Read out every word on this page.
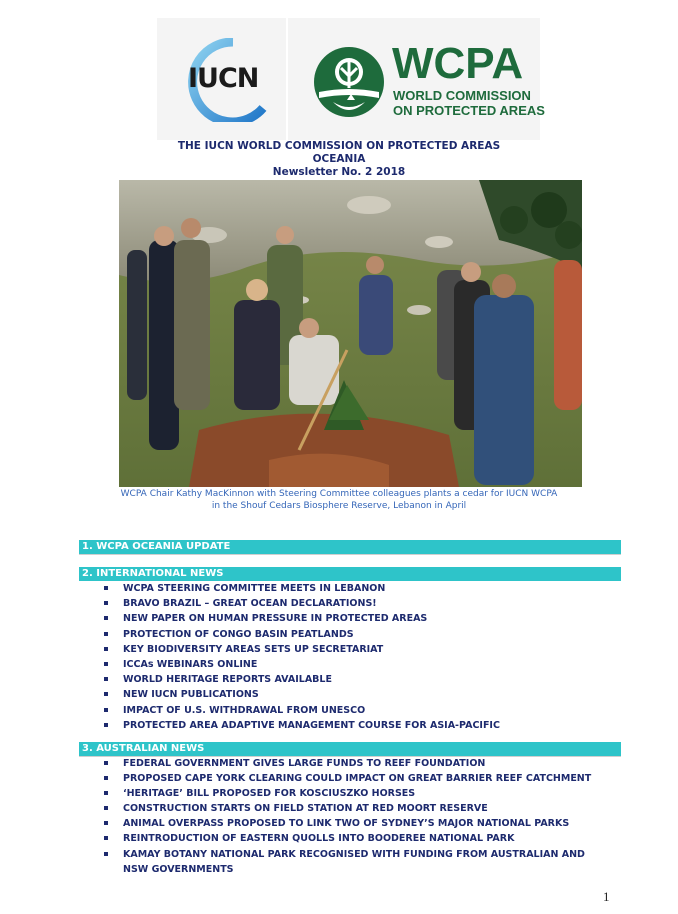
IUCN	WCPA
WORLD COMMISSION
ON PROTECTED AREAS
THE IUCN WORLD COMMISSION ON PROTECTED AREAS
OCEANIA
Newsletter No. 2 2018
WCPA Chair Kathy MacKinnon with Steering Committee colleagues plants a cedar for IUCN WCPA
in the Shouf Cedars Biosphere Reserve, Lebanon in April
1. WCPA OCEANIA UPDATE
2. INTERNATIONAL NEWS
WCPA STEERING COMMITTEE MEETS IN LEBANON
BRAVO BRAZIL – GREAT OCEAN DECLARATIONS!
NEW PAPER ON HUMAN PRESSURE IN PROTECTED AREAS
PROTECTION OF CONGO BASIN PEATLANDS
KEY BIODIVERSITY AREAS SETS UP SECRETARIAT
ICCAs WEBINARS ONLINE
WORLD HERITAGE REPORTS AVAILABLE
NEW IUCN PUBLICATIONS
IMPACT OF U.S. WITHDRAWAL FROM UNESCO
PROTECTED AREA ADAPTIVE MANAGEMENT COURSE FOR ASIA-PACIFIC
3. AUSTRALIAN NEWS
FEDERAL GOVERNMENT GIVES LARGE FUNDS TO REEF FOUNDATION
PROPOSED CAPE YORK CLEARING COULD IMPACT ON GREAT BARRIER REEF CATCHMENT
‘HERITAGE’ BILL PROPOSED FOR KOSCIUSZKO HORSES
CONSTRUCTION STARTS ON FIELD STATION AT RED MOORT RESERVE
ANIMAL OVERPASS PROPOSED TO LINK TWO OF SYDNEY’S MAJOR NATIONAL PARKS
REINTRODUCTION OF EASTERN QUOLLS INTO BOODEREE NATIONAL PARK
KAMAY BOTANY NATIONAL PARK RECOGNISED WITH FUNDING FROM AUSTRALIAN AND
NSW GOVERNMENTS
1
